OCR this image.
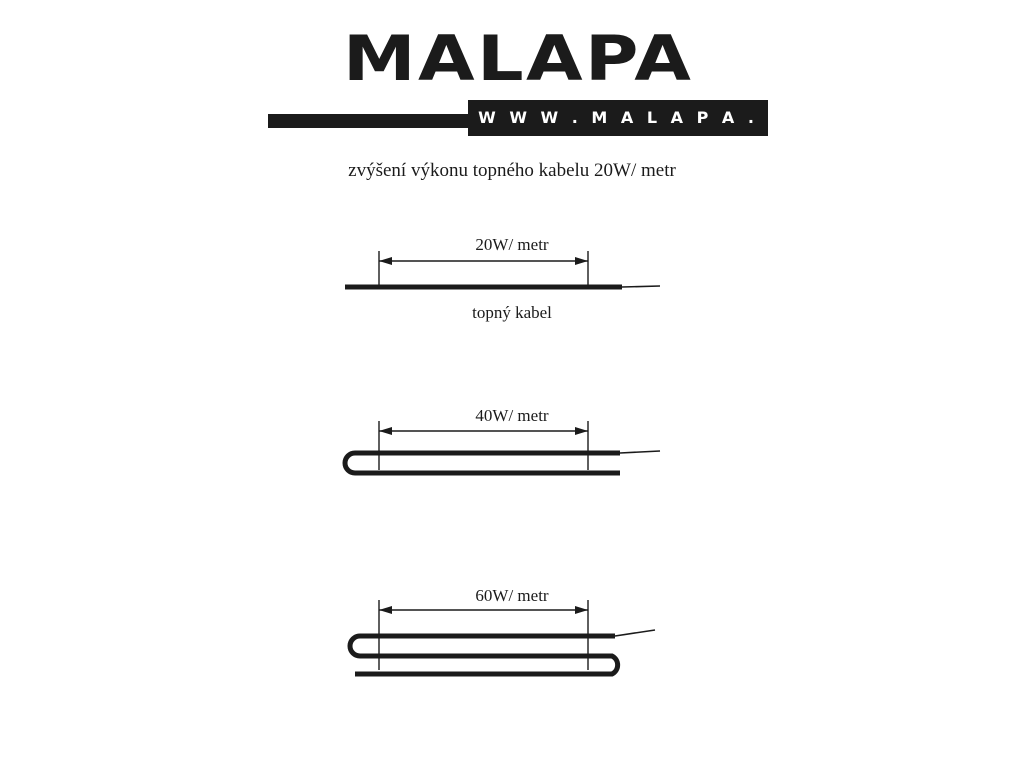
MALAPA
W W W . M A L A P A . C Z
zvýšení výkonu topného kabelu 20W/ metr
20W/ metr
topný kabel
40W/ metr
60W/ metr
